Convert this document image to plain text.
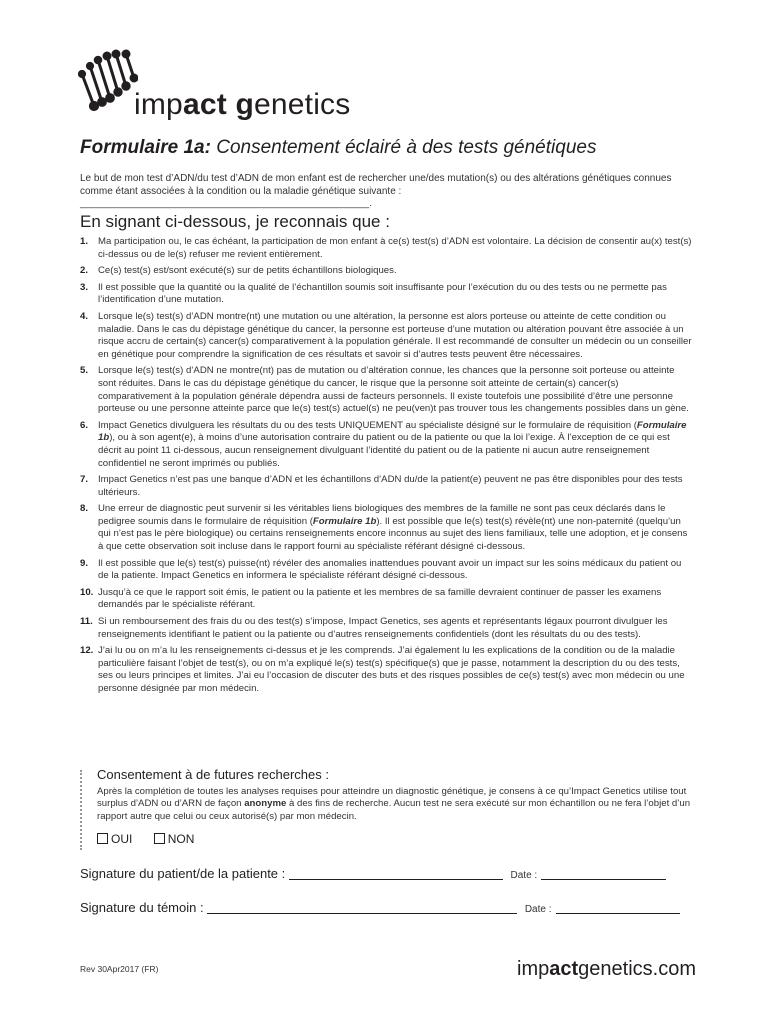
impact genetics
Formulaire 1a: Consentement éclairé à des tests génétiques
Le but de mon test d’ADN/du test d’ADN de mon enfant est de rechercher une/des mutation(s) ou des altérations génétiques connues comme étant associées à la condition ou la maladie génétique suivante : ____________________________________________________.
En signant ci-dessous, je reconnais que :
1. Ma participation ou, le cas échéant, la participation de mon enfant à ce(s) test(s) d’ADN est volontaire. La décision de consentir au(x) test(s) ci-dessus ou de le(s) refuser me revient entièrement.
2. Ce(s) test(s) est/sont exécuté(s) sur de petits échantillons biologiques.
3. Il est possible que la quantité ou la qualité de l’échantillon soumis soit insuffisante pour l’exécution du ou des tests ou ne permette pas l’identification d’une mutation.
4. Lorsque le(s) test(s) d’ADN montre(nt) une mutation ou une altération, la personne est alors porteuse ou atteinte de cette condition ou maladie. Dans le cas du dépistage génétique du cancer, la personne est porteuse d’une mutation ou altération pouvant être associée à un risque accru de certain(s) cancer(s) comparativement à la population générale. Il est recommandé de consulter un médecin ou un conseiller en génétique pour comprendre la signification de ces résultats et savoir si d’autres tests peuvent être nécessaires.
5. Lorsque le(s) test(s) d’ADN ne montre(nt) pas de mutation ou d’altération connue, les chances que la personne soit porteuse ou atteinte sont réduites. Dans le cas du dépistage génétique du cancer, le risque que la personne soit atteinte de certain(s) cancer(s) comparativement à la population générale dépendra aussi de facteurs personnels. Il existe toutefois une possibilité d’être une personne porteuse ou une personne atteinte parce que le(s) test(s) actuel(s) ne peu(ven)t pas trouver tous les changements possibles dans un gène.
6. Impact Genetics divulguera les résultats du ou des tests UNIQUEMENT au spécialiste désigné sur le formulaire de réquisition (Formulaire 1b), ou à son agent(e), à moins d’une autorisation contraire du patient ou de la patiente ou que la loi l’exige. À l’exception de ce qui est décrit au point 11 ci-dessous, aucun renseignement divulguant l’identité du patient ou de la patiente ni aucun autre renseignement confidentiel ne seront imprimés ou publiés.
7. Impact Genetics n’est pas une banque d’ADN et les échantillons d’ADN du/de la patient(e) peuvent ne pas être disponibles pour des tests ultérieurs.
8. Une erreur de diagnostic peut survenir si les véritables liens biologiques des membres de la famille ne sont pas ceux déclarés dans le pedigree soumis dans le formulaire de réquisition (Formulaire 1b). Il est possible que le(s) test(s) révèle(nt) une non-paternité (quelqu’un qui n’est pas le père biologique) ou certains renseignements encore inconnus au sujet des liens familiaux, telle une adoption, et je consens à que cette observation soit incluse dans le rapport fourni au spécialiste référant désigné ci-dessous.
9. Il est possible que le(s) test(s) puisse(nt) révéler des anomalies inattendues pouvant avoir un impact sur les soins médicaux du patient ou de la patiente. Impact Genetics en informera le spécialiste référant désigné ci-dessous.
10. Jusqu’à ce que le rapport soit émis, le patient ou la patiente et les membres de sa famille devraient continuer de passer les examens demandés par le spécialiste référant.
11. Si un remboursement des frais du ou des test(s) s’impose, Impact Genetics, ses agents et représentants légaux pourront divulguer les renseignements identifiant le patient ou la patiente ou d’autres renseignements confidentiels (dont les résultats du ou des tests).
12. J’ai lu ou on m’a lu les renseignements ci-dessus et je les comprends. J’ai également lu les explications de la condition ou de la maladie particulière faisant l’objet de test(s), ou on m’a expliqué le(s) test(s) spécifique(s) que je passe, notamment la description du ou des tests, ses ou leurs principes et limites. J’ai eu l’occasion de discuter des buts et des risques possibles de ce(s) test(s) avec mon médecin ou une personne désignée par mon médecin.
Consentement à de futures recherches :
Après la complétion de toutes les analyses requises pour atteindre un diagnostic génétique, je consens à ce qu’Impact Genetics utilise tout surplus d’ADN ou d’ARN de façon anonyme à des fins de recherche. Aucun test ne sera exécuté sur mon échantillon ou ne fera l’objet d’un rapport autre que celui ou ceux autorisé(s) par mon médecin.
OUI	NON
Signature du patient/de la patiente :	Date :
Signature du témoin :	Date :
Rev 30Apr2017 (FR)	impactgenetics.com
